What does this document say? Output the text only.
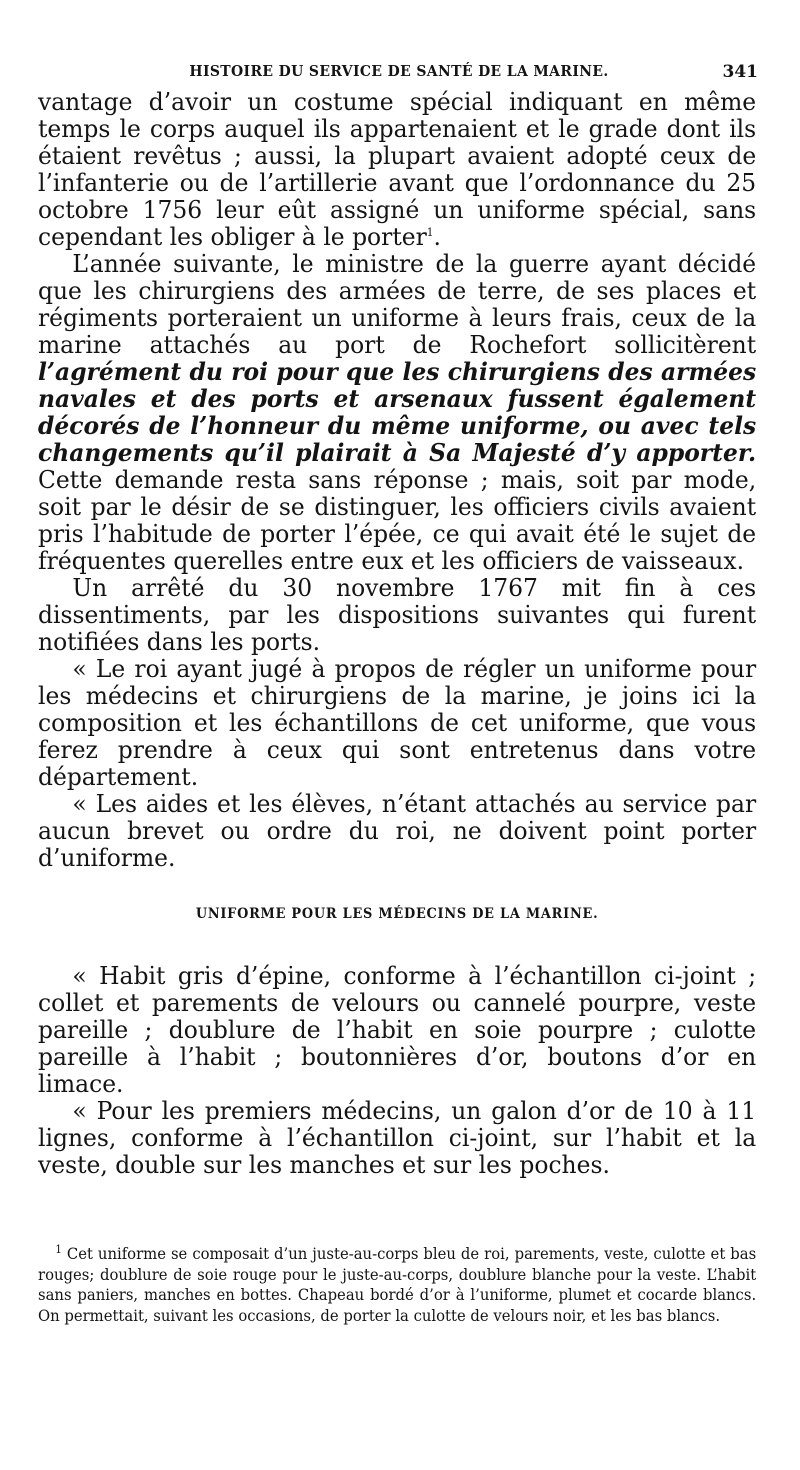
HISTOIRE DU SERVICE DE SANTÉ DE LA MARINE.	341

vantage d’avoir un costume spécial indiquant en même temps le corps auquel ils appartenaient et le grade dont ils étaient revêtus ; aussi, la plupart avaient adopté ceux de l’infanterie ou de l’artillerie avant que l’ordonnance du 25 octobre 1756 leur eût assigné un uniforme spécial, sans cependant les obliger à le porter$^1$.

L’année suivante, le ministre de la guerre ayant décidé que les chirurgiens des armées de terre, de ses places et régiments porteraient un uniforme à leurs frais, ceux de la marine attachés au port de Rochefort sollicitèrent l’agrément du roi pour que les chirurgiens des armées navales et des ports et arsenaux fussent également décorés de l’honneur du même uniforme, ou avec tels changements qu’il plairait à Sa Majesté d’y apporter. Cette demande resta sans réponse ; mais, soit par mode, soit par le désir de se distinguer, les officiers civils avaient pris l’habitude de porter l’épée, ce qui avait été le sujet de fréquentes querelles entre eux et les officiers de vaisseaux.

Un arrêté du 30 novembre 1767 mit fin à ces dissentiments, par les dispositions suivantes qui furent notifiées dans les ports.

« Le roi ayant jugé à propos de régler un uniforme pour les médecins et chirurgiens de la marine, je joins ici la composition et les échantillons de cet uniforme, que vous ferez prendre à ceux qui sont entretenus dans votre département.

« Les aides et les élèves, n’étant attachés au service par aucun brevet ou ordre du roi, ne doivent point porter d’uniforme.

UNIFORME POUR LES MÉDECINS DE LA MARINE.

« Habit gris d’épine, conforme à l’échantillon ci-joint ; collet et parements de velours ou cannelé pourpre, veste pareille ; doublure de l’habit en soie pourpre ; culotte pareille à l’habit ; boutonnières d’or, boutons d’or en limace.

« Pour les premiers médecins, un galon d’or de 10 à 11 lignes, conforme à l’échantillon ci-joint, sur l’habit et la veste, double sur les manches et sur les poches.

$^1$ Cet uniforme se composait d’un juste-au-corps bleu de roi, parements, veste, culotte et bas rouges; doublure de soie rouge pour le juste-au-corps, doublure blanche pour la veste. L’habit sans paniers, manches en bottes. Chapeau bordé d’or à l’uniforme, plumet et cocarde blancs. On permettait, suivant les occasions, de porter la culotte de velours noir, et les bas blancs.
